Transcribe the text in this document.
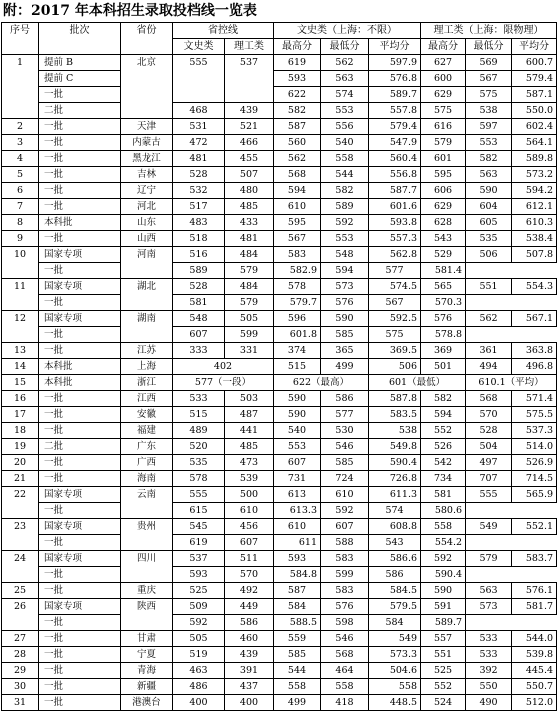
附：2017 年本科招生录取投档线一览表
序号	批次	省份	省控线		文史类（上海：不限）			理工类（上海：限物理）		
			文史类	理工类	最高分	最低分	平均分	最高分	最低分	平均分
1	提前 B	北京	555	537	619	562	597.9	627	569	600.7
	提前 C				593	563	576.8	600	567	579.4
	一批				622	574	589.7	629	575	587.1
	二批		468	439	582	553	557.8	575	538	550.0
2	一批	天津	531	521	587	556	579.4	616	597	602.4
3	一批	内蒙古	472	466	560	540	547.9	579	553	564.1
4	一批	黑龙江	481	455	562	558	560.4	601	582	589.8
5	一批	吉林	528	507	568	544	556.8	595	563	573.2
6	一批	辽宁	532	480	594	582	587.7	606	590	594.2
7	一批	河北	517	485	610	589	601.6	629	604	612.1
8	本科批	山东	483	433	595	592	593.8	628	605	610.3
9	一批	山西	518	481	567	553	557.3	543	535	538.4
10	国家专项	河南	516	484	583	548	562.8	529	506	507.8
	一批		589	579	582.9	594	577	581.4		
11	国家专项	湖北	528	484	578	573	574.5	565	551	554.3
	一批		581	579	579.7	576	567	570.3		
12	国家专项	湖南	548	505	596	590	592.5	576	562	567.1
	一批		607	599	601.8	585	575	578.8		
13	一批	江苏	333	331	374	365	369.5	369	361	363.8
14	本科批	上海	402		515	499	506	501	494	496.8
15	本科批	浙江	577（一段）		622（最高）		601（最低）		610.1（平均）	
16	一批	江西	533	503	590	586	587.8	582	568	571.4
17	一批	安徽	515	487	590	577	583.5	594	570	575.5
18	一批	福建	489	441	540	530	538	552	528	537.3
19	二批	广东	520	485	553	546	549.8	526	504	514.0
20	一批	广西	535	473	607	585	590.4	542	497	526.9
21	一批	海南	578	539	731	724	726.8	734	707	714.5
22	国家专项	云南	555	500	613	610	611.3	581	555	565.9
	一批		615	610	613.3	592	574	580.6		
23	国家专项	贵州	545	456	610	607	608.8	558	549	552.1
	一批		619	607	611	588	543	554.2		
24	国家专项	四川	537	511	593	583	586.6	592	579	583.7
	一批		593	570	584.8	599	586	590.4		
25	一批	重庆	525	492	587	583	584.5	590	563	576.1
26	国家专项	陕西	509	449	584	576	579.5	591	573	581.7
	一批		592	586	588.5	598	584	589.7		
27	一批	甘肃	505	460	559	546	549	557	533	544.0
28	一批	宁夏	519	439	585	568	573.3	551	533	539.8
29	一批	青海	463	391	544	464	504.6	525	392	445.4
30	一批	新疆	486	437	558	558	558	552	550	550.7
31	一批	港澳台	400	400	499	418	448.5	524	490	512.0
